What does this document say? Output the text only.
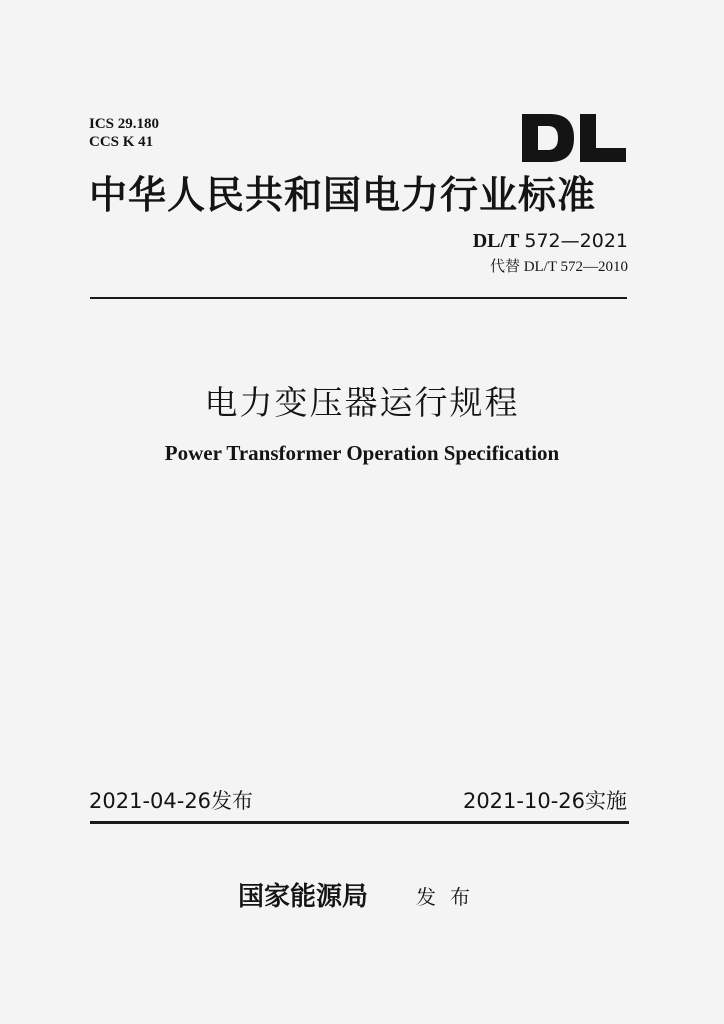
ICS 29.180
CCS K 41
中华人民共和国电力行业标准
DL/T 572—2021
代替 DL/T 572—2010
电力变压器运行规程
Power Transformer Operation Specification
2021-04-26发布	2021-10-26实施
国家能源局 发布
